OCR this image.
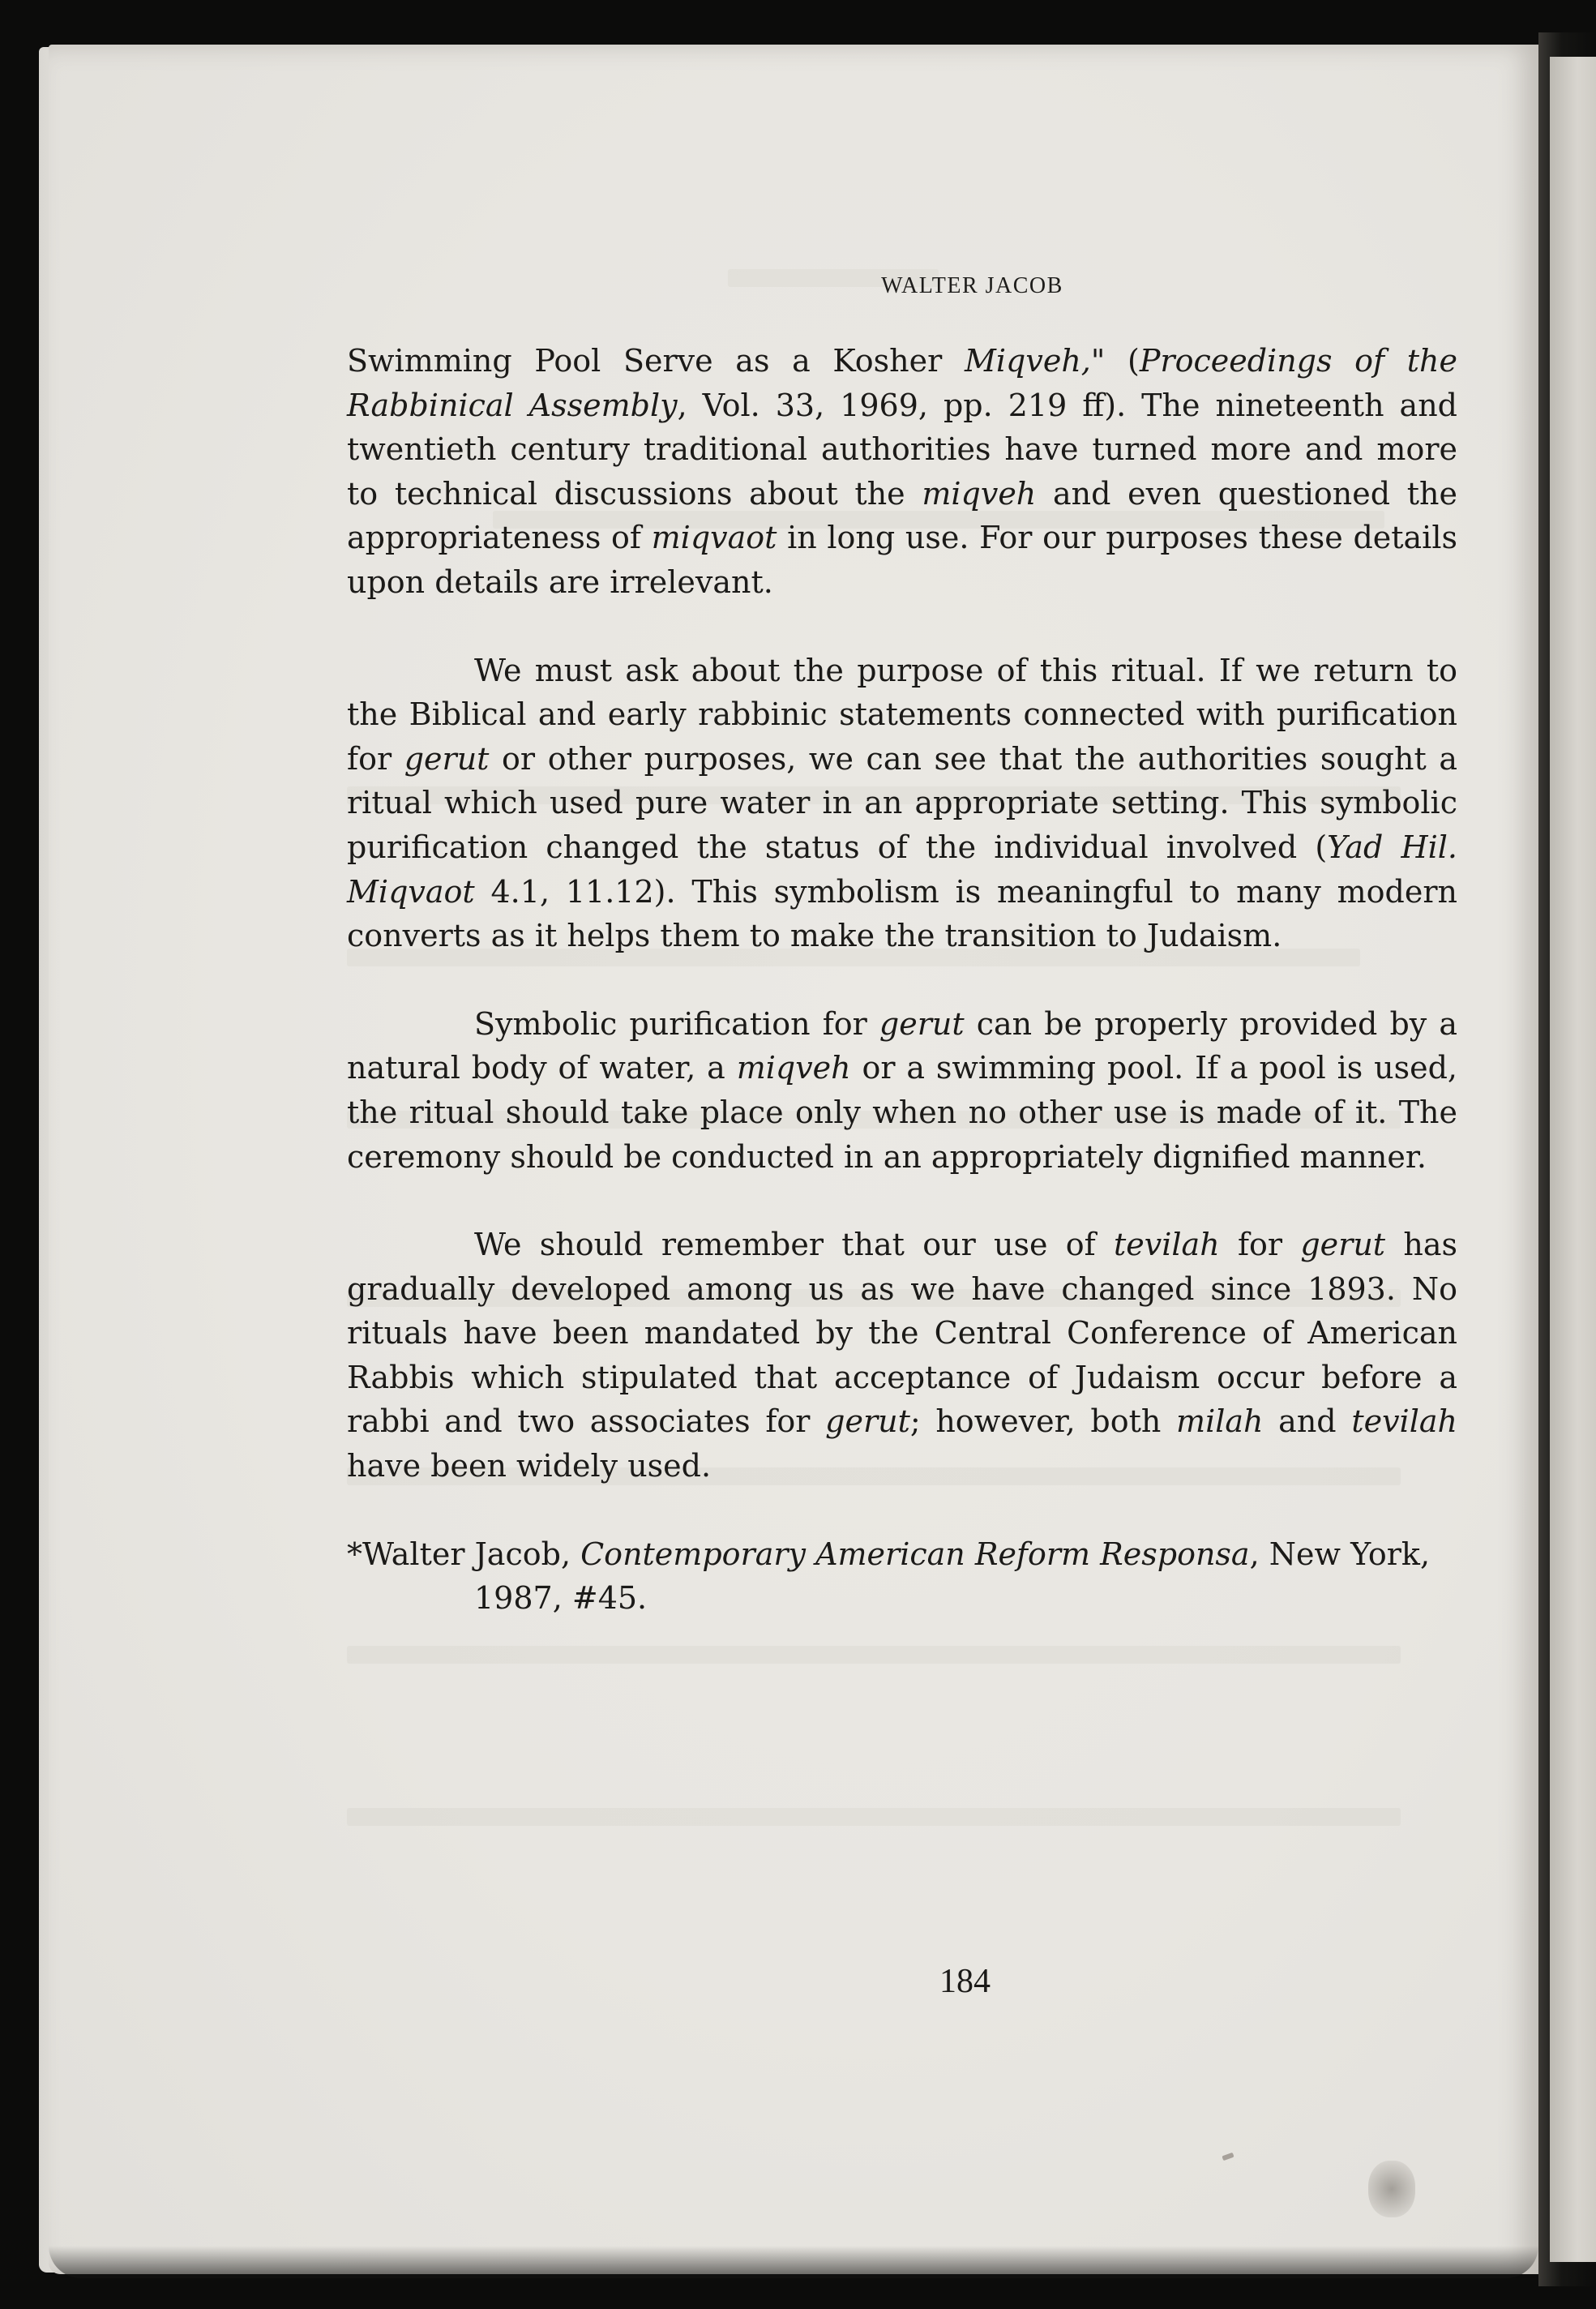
WALTER JACOB

Swimming Pool Serve as a Kosher Miqveh," (Proceedings of the Rabbinical Assembly, Vol. 33, 1969, pp. 219 ff). The nineteenth and twentieth century traditional authorities have turned more and more to technical discussions about the miqveh and even questioned the appropriateness of miqvaot in long use. For our purposes these details upon details are irrelevant.

We must ask about the purpose of this ritual. If we return to the Biblical and early rabbinic statements connected with purification for gerut or other purposes, we can see that the authorities sought a ritual which used pure water in an appropriate setting. This symbolic purification changed the status of the individual involved (Yad Hil. Miqvaot 4.1, 11.12). This symbolism is meaningful to many modern converts as it helps them to make the transition to Judaism.

Symbolic purification for gerut can be properly provided by a natural body of water, a miqveh or a swimming pool. If a pool is used, the ritual should take place only when no other use is made of it. The ceremony should be conducted in an appropriately dignified manner.

We should remember that our use of tevilah for gerut has gradually developed among us as we have changed since 1893. No rituals have been mandated by the Central Conference of American Rabbis which stipulated that acceptance of Judaism occur before a rabbi and two associates for gerut; however, both milah and tevilah have been widely used.

*Walter Jacob, Contemporary American Reform Responsa, New York,
1987, #45.

184
